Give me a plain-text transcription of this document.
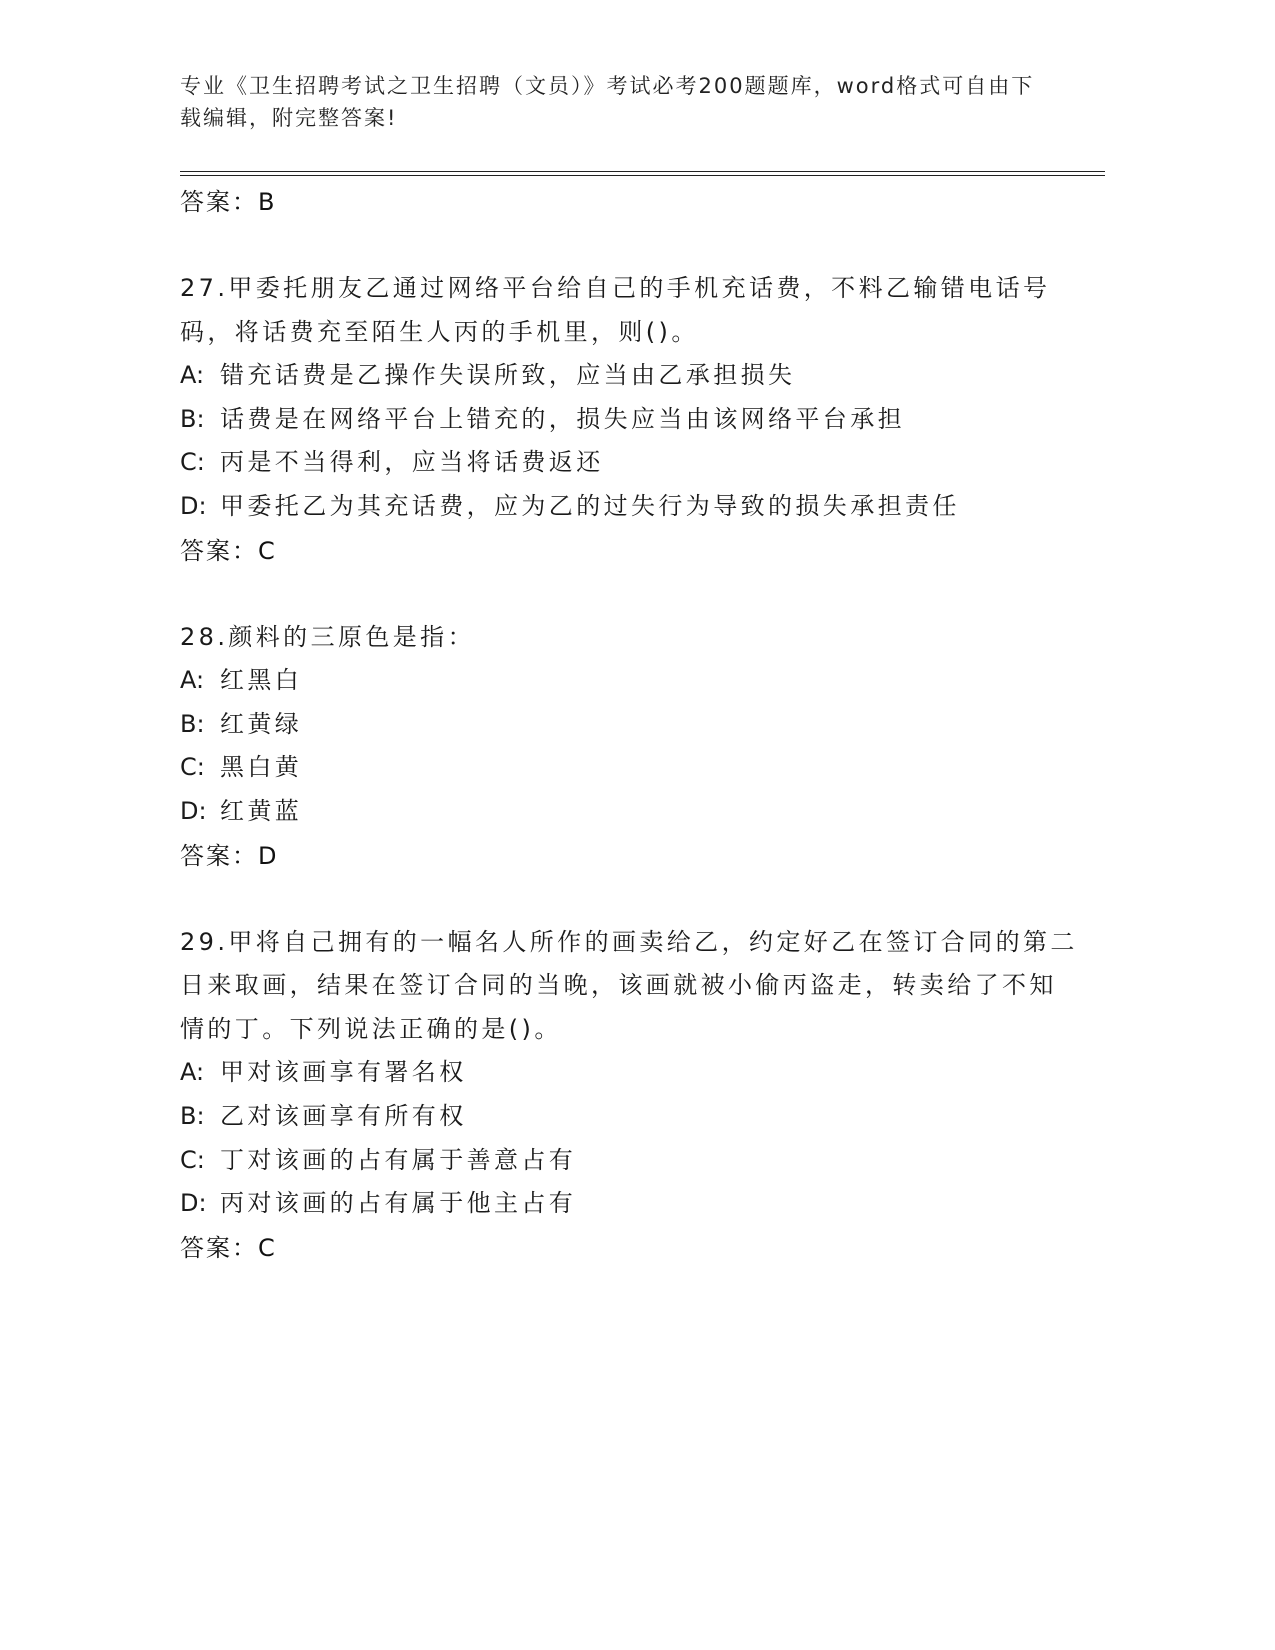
专业《卫生招聘考试之卫生招聘（文员）》考试必考200题题库，word格式可自由下载编辑，附完整答案!
答案：B

27.甲委托朋友乙通过网络平台给自己的手机充话费，不料乙输错电话号码，将话费充至陌生人丙的手机里，则()。

A: 错充话费是乙操作失误所致，应当由乙承担损失

B: 话费是在网络平台上错充的，损失应当由该网络平台承担

C: 丙是不当得利，应当将话费返还

D: 甲委托乙为其充话费，应为乙的过失行为导致的损失承担责任

答案：C

28.颜料的三原色是指：

A: 红黑白

B: 红黄绿

C: 黑白黄

D: 红黄蓝

答案：D

29.甲将自己拥有的一幅名人所作的画卖给乙，约定好乙在签订合同的第二日来取画，结果在签订合同的当晚，该画就被小偷丙盗走，转卖给了不知情的丁。下列说法正确的是()。

A: 甲对该画享有署名权

B: 乙对该画享有所有权

C: 丁对该画的占有属于善意占有

D: 丙对该画的占有属于他主占有

答案：C
